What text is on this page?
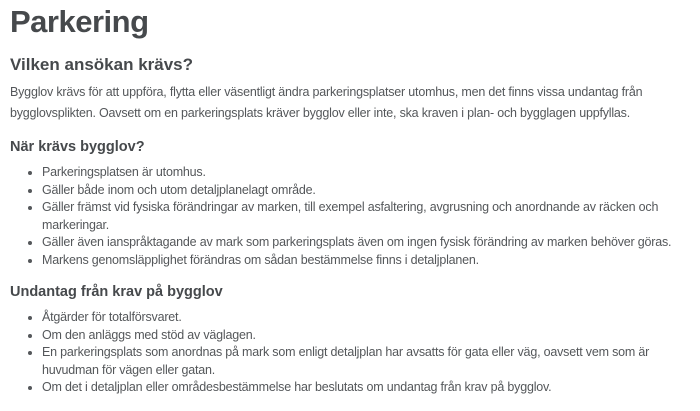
Parkering
Vilken ansökan krävs?

Bygglov krävs för att uppföra, flytta eller väsentligt ändra parkeringsplatser utomhus, men det finns vissa undantag från bygglovsplikten. Oavsett om en parkeringsplats kräver bygglov eller inte, ska kraven i plan- och bygglagen uppfyllas.

När krävs bygglov?
• Parkeringsplatsen är utomhus.
• Gäller både inom och utom detaljplanelagt område.
• Gäller främst vid fysiska förändringar av marken, till exempel asfaltering, avgrusning och anordnande av räcken och markeringar.
• Gäller även ianspråktagande av mark som parkeringsplats även om ingen fysisk förändring av marken behöver göras.
• Markens genomsläpplighet förändras om sådan bestämmelse finns i detaljplanen.
Undantag från krav på bygglov
• Åtgärder för totalförsvaret.
• Om den anläggs med stöd av väglagen.
• En parkeringsplats som anordnas på mark som enligt detaljplan har avsatts för gata eller väg, oavsett vem som är huvudman för vägen eller gatan.
• Om det i detaljplan eller områdesbestämmelse har beslutats om undantag från krav på bygglov.
